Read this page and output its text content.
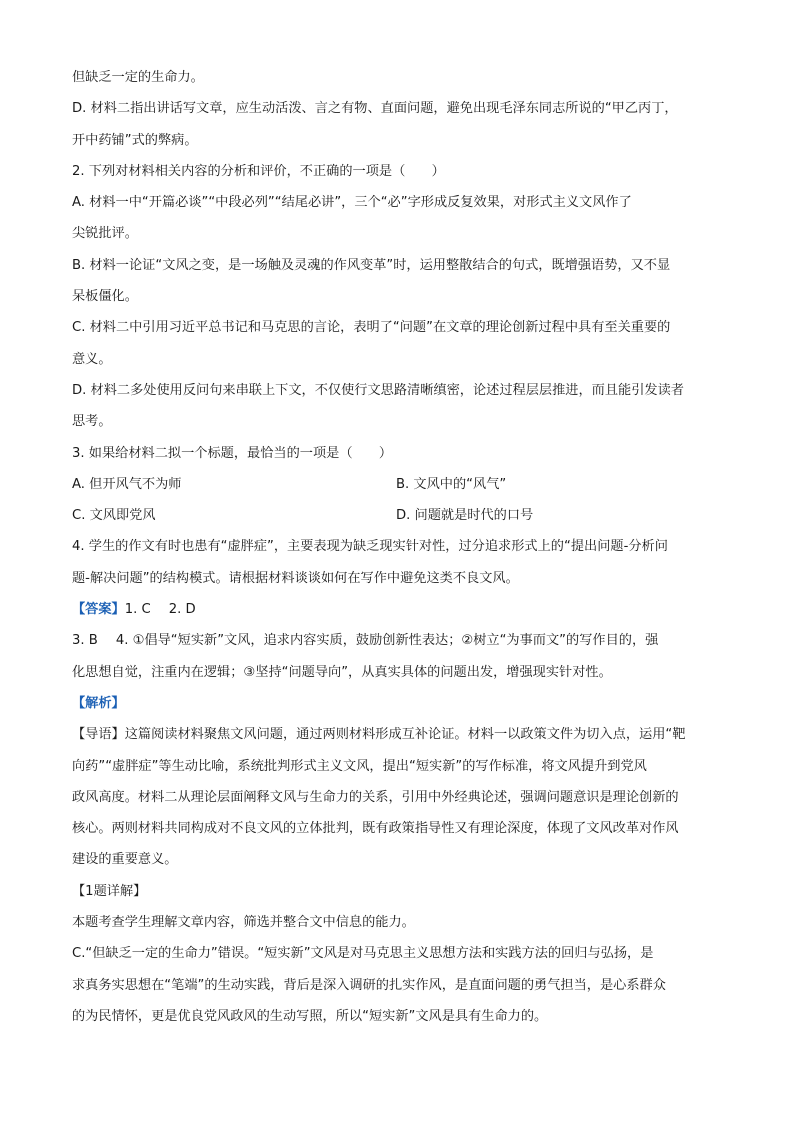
但缺乏一定的生命力。
D. 材料二指出讲话写文章，应生动活泼、言之有物、直面问题，避免出现毛泽东同志所说的“甲乙丙丁，
开中药铺”式的弊病。
2. 下列对材料相关内容的分析和评价，不正确的一项是（　　）
A. 材料一中“开篇必谈”“中段必列”“结尾必讲”，三个“必”字形成反复效果，对形式主义文风作了
尖锐批评。
B. 材料一论证“文风之变，是一场触及灵魂的作风变革”时，运用整散结合的句式，既增强语势，又不显
呆板僵化。
C. 材料二中引用习近平总书记和马克思的言论，表明了“问题”在文章的理论创新过程中具有至关重要的
意义。
D. 材料二多处使用反问句来串联上下文，不仅使行文思路清晰缜密，论述过程层层推进，而且能引发读者
思考。
3. 如果给材料二拟一个标题，最恰当的一项是（　　）
A. 但开风气不为师	B. 文风中的“风气”
C. 文风即党风	D. 问题就是时代的口号
4. 学生的作文有时也患有“虚胖症”，主要表现为缺乏现实针对性，过分追求形式上的“提出问题-分析问
题-解决问题”的结构模式。请根据材料谈谈如何在写作中避免这类不良文风。
【答案】1. C 2. D
3. B 4. ①倡导“短实新”文风，追求内容实质，鼓励创新性表达；②树立“为事而文”的写作目的，强
化思想自觉，注重内在逻辑；③坚持“问题导向”，从真实具体的问题出发，增强现实针对性。
【解析】
【导语】这篇阅读材料聚焦文风问题，通过两则材料形成互补论证。材料一以政策文件为切入点，运用“靶
向药”“虚胖症”等生动比喻，系统批判形式主义文风，提出“短实新”的写作标准，将文风提升到党风
政风高度。材料二从理论层面阐释文风与生命力的关系，引用中外经典论述，强调问题意识是理论创新的
核心。两则材料共同构成对不良文风的立体批判，既有政策指导性又有理论深度，体现了文风改革对作风
建设的重要意义。
【1题详解】
本题考查学生理解文章内容，筛选并整合文中信息的能力。
C.“但缺乏一定的生命力”错误。“短实新”文风是对马克思主义思想方法和实践方法的回归与弘扬，是
求真务实思想在“笔端”的生动实践，背后是深入调研的扎实作风，是直面问题的勇气担当，是心系群众
的为民情怀，更是优良党风政风的生动写照，所以“短实新”文风是具有生命力的。
